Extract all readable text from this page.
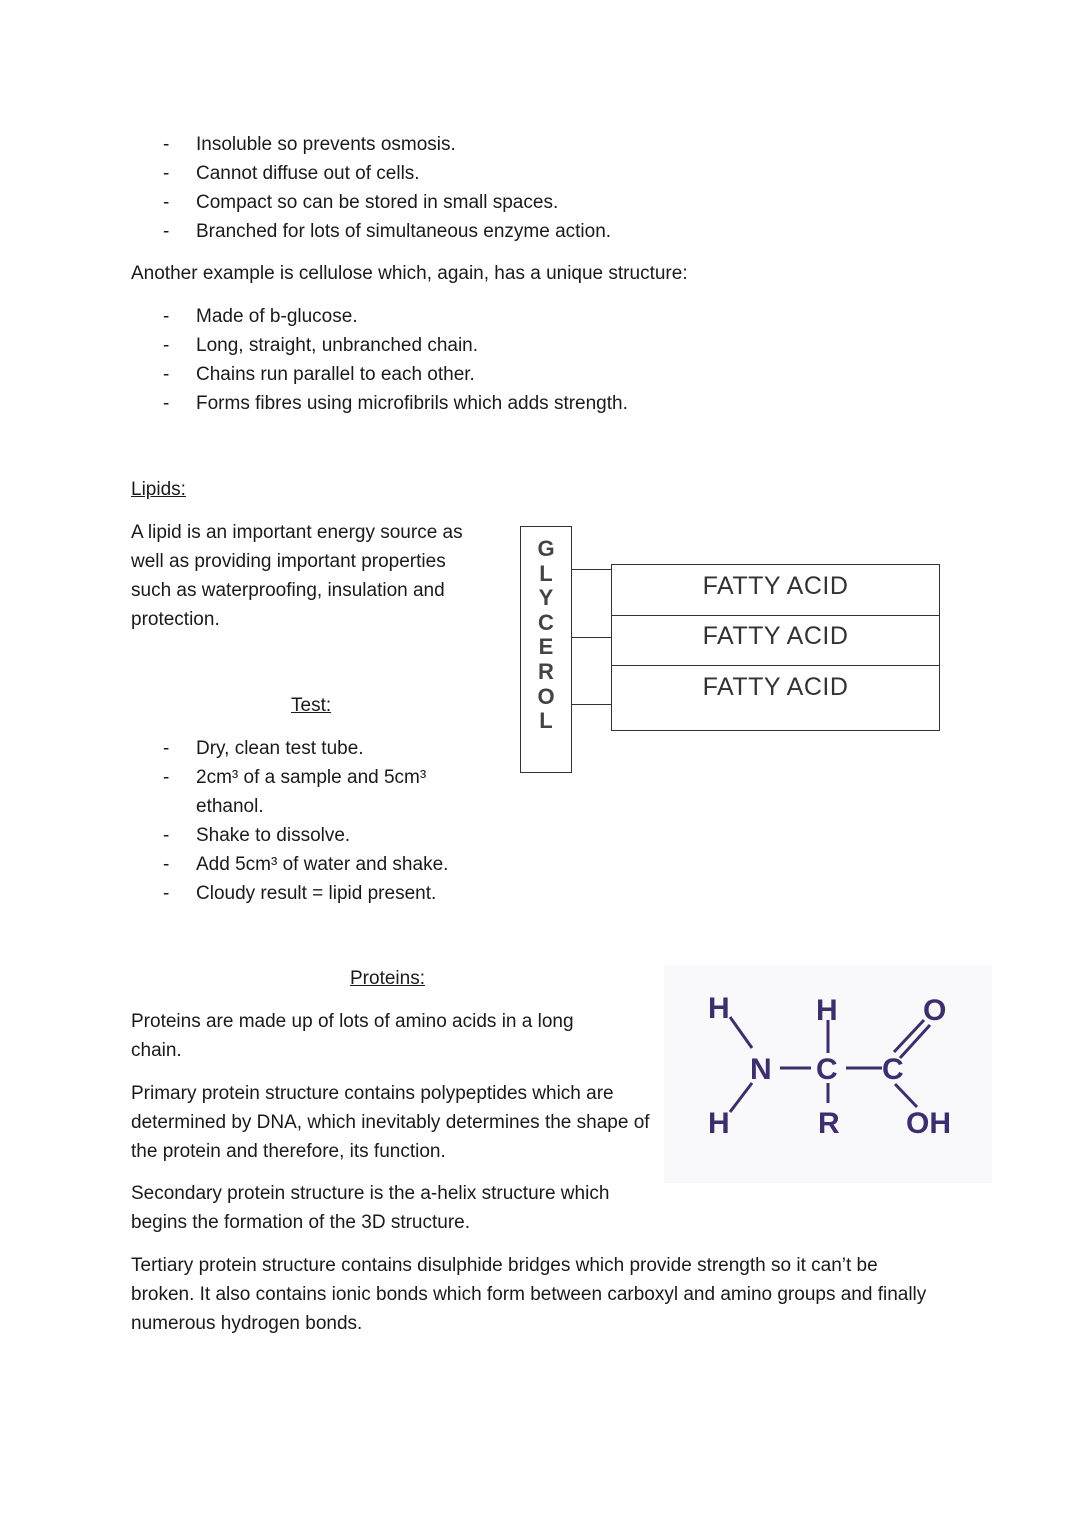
- Insoluble so prevents osmosis.
- Cannot diffuse out of cells.
- Compact so can be stored in small spaces.
- Branched for lots of simultaneous enzyme action.

Another example is cellulose which, again, has a unique structure:

- Made of b-glucose.
- Long, straight, unbranched chain.
- Chains run parallel to each other.
- Forms fibres using microfibrils which adds strength.

Lipids:

A lipid is an important energy source as well as providing important properties such as waterproofing, insulation and protection.

Test:

- Dry, clean test tube.
- 2cm³ of a sample and 5cm³ ethanol.
- Shake to dissolve.
- Add 5cm³ of water and shake.
- Cloudy result = lipid present.
G
L
Y
C
E
R
O
L
FATTY ACID
FATTY ACID
FATTY ACID

Proteins:

Proteins are made up of lots of amino acids in a long chain.

Primary protein structure contains polypeptides which are determined by DNA, which inevitably determines the shape of the protein and therefore, its function.

Secondary protein structure is the a-helix structure which begins the formation of the 3D structure.

Tertiary protein structure contains disulphide bridges which provide strength so it can’t be broken. It also contains ionic bonds which form between carboxyl and amino groups and finally numerous hydrogen bonds.

H	H
N C C
H	R
O
OH
